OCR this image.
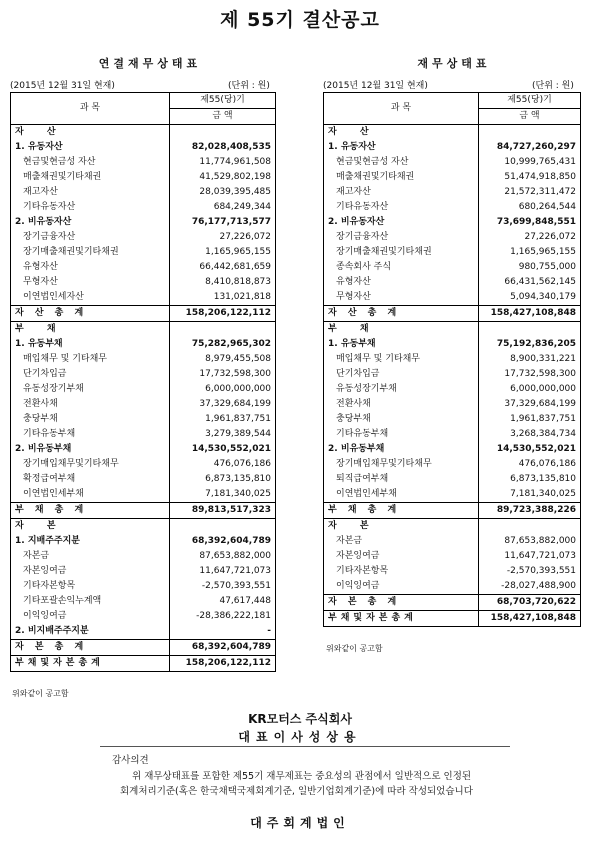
제 55기 결산공고
연결재무상태표
(2015년 12월 31일 현재)	(단위 : 원)
과 목	제55(당)기
	금 액
자 산	
1. 유동자산	82,028,408,535
현금및현금성 자산	11,774,961,508
매출채권및기타채권	41,529,802,198
재고자산	28,039,395,485
기타유동자산	684,249,344
2. 비유동자산	76,177,713,577
장기금융자산	27,226,072
장기매출채권및기타채권	1,165,965,155
유형자산	66,442,681,659
무형자산	8,410,818,873
이연법인세자산	131,021,818
자 산 총 계	158,206,122,112
부 채	
1. 유동부채	75,282,965,302
매입채무 및 기타채무	8,979,455,508
단기차입금	17,732,598,300
유동성장기부채	6,000,000,000
전환사채	37,329,684,199
충당부채	1,961,837,751
기타유동부채	3,279,389,544
2. 비유동부채	14,530,552,021
장기매입채무및기타채무	476,076,186
확정급여부채	6,873,135,810
이연법인세부채	7,181,340,025
부 채 총 계	89,813,517,323
자 본	
1. 지배주주지분	68,392,604,789
자본금	87,653,882,000
자본잉여금	11,647,721,073
기타자본항목	-2,570,393,551
기타포괄손익누계액	47,617,448
이익잉여금	-28,386,222,181
2. 비지배주주지분	-
자 본 총 계	68,392,604,789
부채및자본총계	158,206,122,112
위와같이 공고함
재무상태표
(2015년 12월 31일 현재)	(단위 : 원)
과 목	제55(당)기
	금 액
자 산	
1. 유동자산	84,727,260,297
현금및현금성 자산	10,999,765,431
매출채권및기타채권	51,474,918,850
재고자산	21,572,311,472
기타유동자산	680,264,544
2. 비유동자산	73,699,848,551
장기금융자산	27,226,072
장기매출채권및기타채권	1,165,965,155
종속회사 주식	980,755,000
유형자산	66,431,562,145
무형자산	5,094,340,179
자 산 총 계	158,427,108,848
부 채	
1. 유동부채	75,192,836,205
매입채무 및 기타채무	8,900,331,221
단기차입금	17,732,598,300
유동성장기부채	6,000,000,000
전환사채	37,329,684,199
충당부채	1,961,837,751
기타유동부채	3,268,384,734
2. 비유동부채	14,530,552,021
장기매입채무및기타채무	476,076,186
퇴직급여부채	6,873,135,810
이연법인세부채	7,181,340,025
부 채 총 계	89,723,388,226
자 본	
자본금	87,653,882,000
자본잉여금	11,647,721,073
기타자본항목	-2,570,393,551
이익잉여금	-28,027,488,900
자 본 총 계	68,703,720,622
부채및자본총계	158,427,108,848
위와같이 공고함
KR모터스 주식회사
대표이사성상용
감사의견
위 재무상태표를 포함한 제55기 재무제표는 중요성의 관점에서 일반적으로 인정된
회계처리기준(혹은 한국채택국제회계기준, 일반기업회계기준)에 따라 작성되었습니다
대주회계법인
